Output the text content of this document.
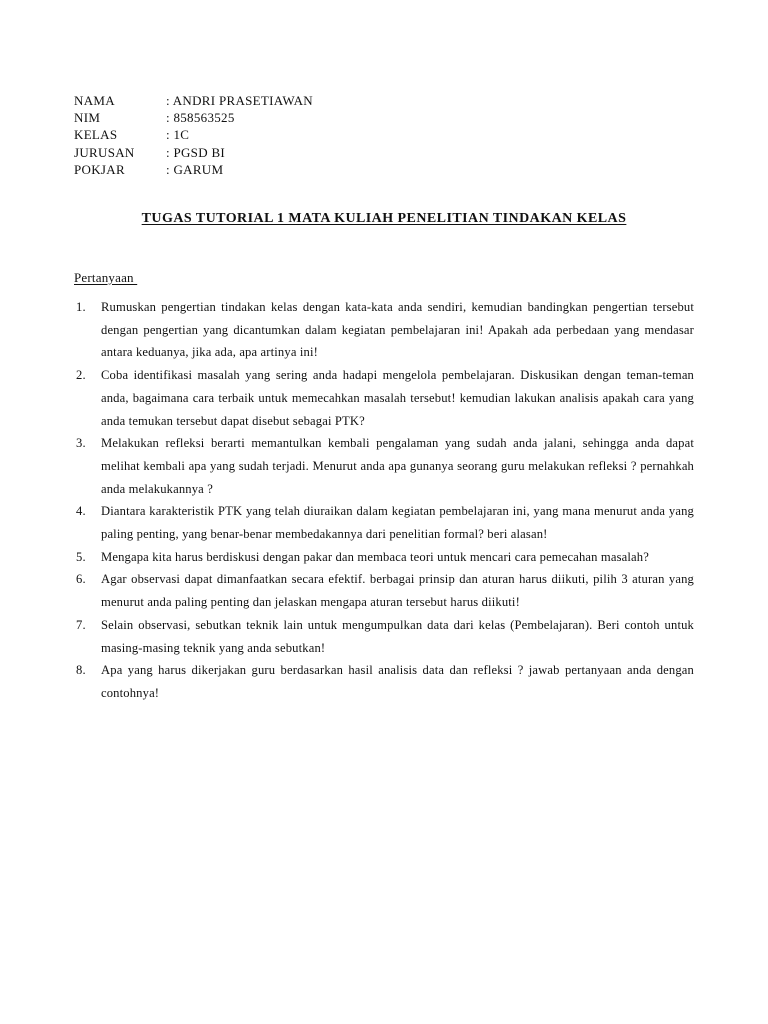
NAMA	: ANDRI PRASETIAWAN
NIM	: 858563525
KELAS	: 1C
JURUSAN	: PGSD BI
POKJAR	: GARUM
TUGAS TUTORIAL 1 MATA KULIAH PENELITIAN TINDAKAN KELAS
Pertanyaan
1. Rumuskan pengertian tindakan kelas dengan kata-kata anda sendiri, kemudian bandingkan pengertian tersebut dengan pengertian yang dicantumkan dalam kegiatan pembelajaran ini! Apakah ada perbedaan yang mendasar antara keduanya, jika ada, apa artinya ini!
2. Coba identifikasi masalah yang sering anda hadapi mengelola pembelajaran. Diskusikan dengan teman-teman anda, bagaimana cara terbaik untuk memecahkan masalah tersebut! kemudian lakukan analisis apakah cara yang anda temukan tersebut dapat disebut sebagai PTK?
3. Melakukan refleksi berarti memantulkan kembali pengalaman yang sudah anda jalani, sehingga anda dapat melihat kembali apa yang sudah terjadi. Menurut anda apa gunanya seorang guru melakukan refleksi ? pernahkah anda melakukannya ?
4. Diantara karakteristik PTK yang telah diuraikan dalam kegiatan pembelajaran ini, yang mana menurut anda yang paling penting, yang benar-benar membedakannya dari penelitian formal? beri alasan!
5. Mengapa kita harus berdiskusi dengan pakar dan membaca teori untuk mencari cara pemecahan masalah?
6. Agar observasi dapat dimanfaatkan secara efektif. berbagai prinsip dan aturan harus diikuti, pilih 3 aturan yang menurut anda paling penting dan jelaskan mengapa aturan tersebut harus diikuti!
7. Selain observasi, sebutkan teknik lain untuk mengumpulkan data dari kelas (Pembelajaran). Beri contoh untuk masing-masing teknik yang anda sebutkan!
8. Apa yang harus dikerjakan guru berdasarkan hasil analisis data dan refleksi ? jawab pertanyaan anda dengan contohnya!
